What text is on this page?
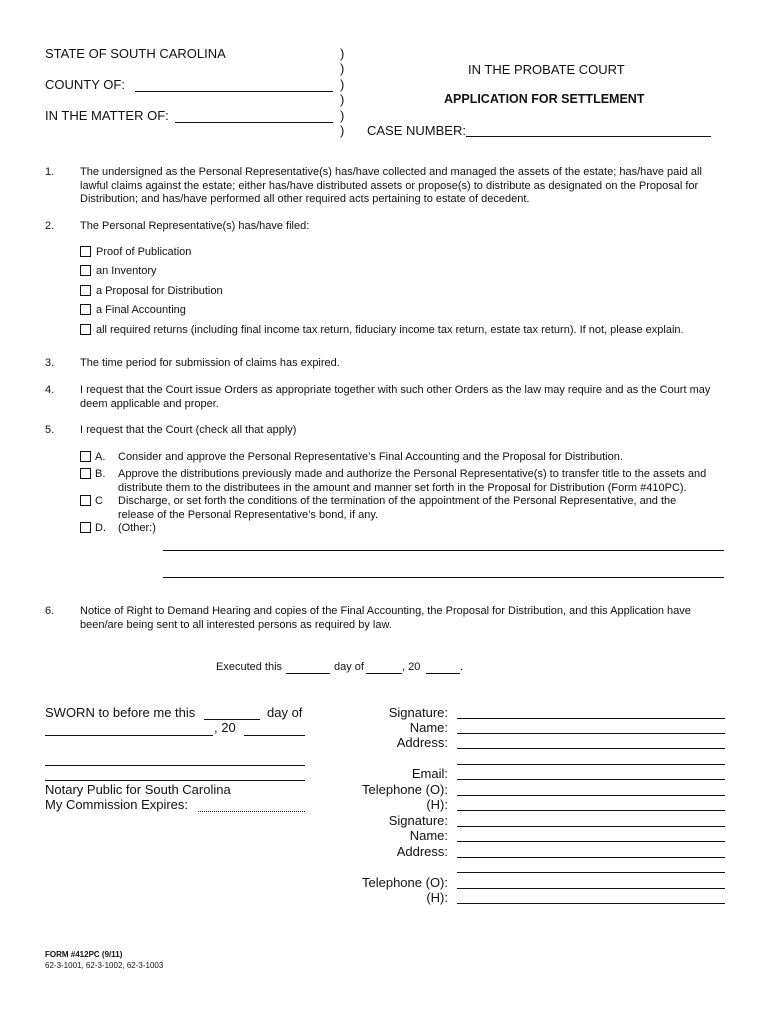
STATE OF SOUTH CAROLINA
COUNTY OF:
IN THE MATTER OF:
)
)
)
)
)
)
IN THE PROBATE COURT
APPLICATION FOR SETTLEMENT
CASE NUMBER:
1. The undersigned as the Personal Representative(s) has/have collected and managed the assets of the estate; has/have paid all lawful claims against the estate; either has/have distributed assets or propose(s) to distribute as designated on the Proposal for Distribution; and has/have performed all other required acts pertaining to estate of decedent.
2. The Personal Representative(s) has/have filed:
Proof of Publication
an Inventory
a Proposal for Distribution
a Final Accounting
all required returns (including final income tax return, fiduciary income tax return, estate tax return). If not, please explain.
3. The time period for submission of claims has expired.
4. I request that the Court issue Orders as appropriate together with such other Orders as the law may require and as the Court may deem applicable and proper.
5. I request that the Court (check all that apply)
A. Consider and approve the Personal Representative’s Final Accounting and the Proposal for Distribution.
B. Approve the distributions previously made and authorize the Personal Representative(s) to transfer title to the assets and distribute them to the distributees in the amount and manner set forth in the Proposal for Distribution (Form #410PC).
C Discharge, or set forth the conditions of the termination of the appointment of the Personal Representative, and the release of the Personal Representative’s bond, if any.
D. (Other:)
6. Notice of Right to Demand Hearing and copies of the Final Accounting, the Proposal for Distribution, and this Application have been/are being sent to all interested persons as required by law.
Executed this	day of	, 20	.
SWORN to before me this	day of
, 20
Notary Public for South Carolina
My Commission Expires:
Signature:
Name:
Address:
Email:
Telephone (O):
(H):
Signature:
Name:
Address:
Telephone (O):
(H):
FORM #412PC (9/11)
62-3-1001, 62-3-1002, 62-3-1003
